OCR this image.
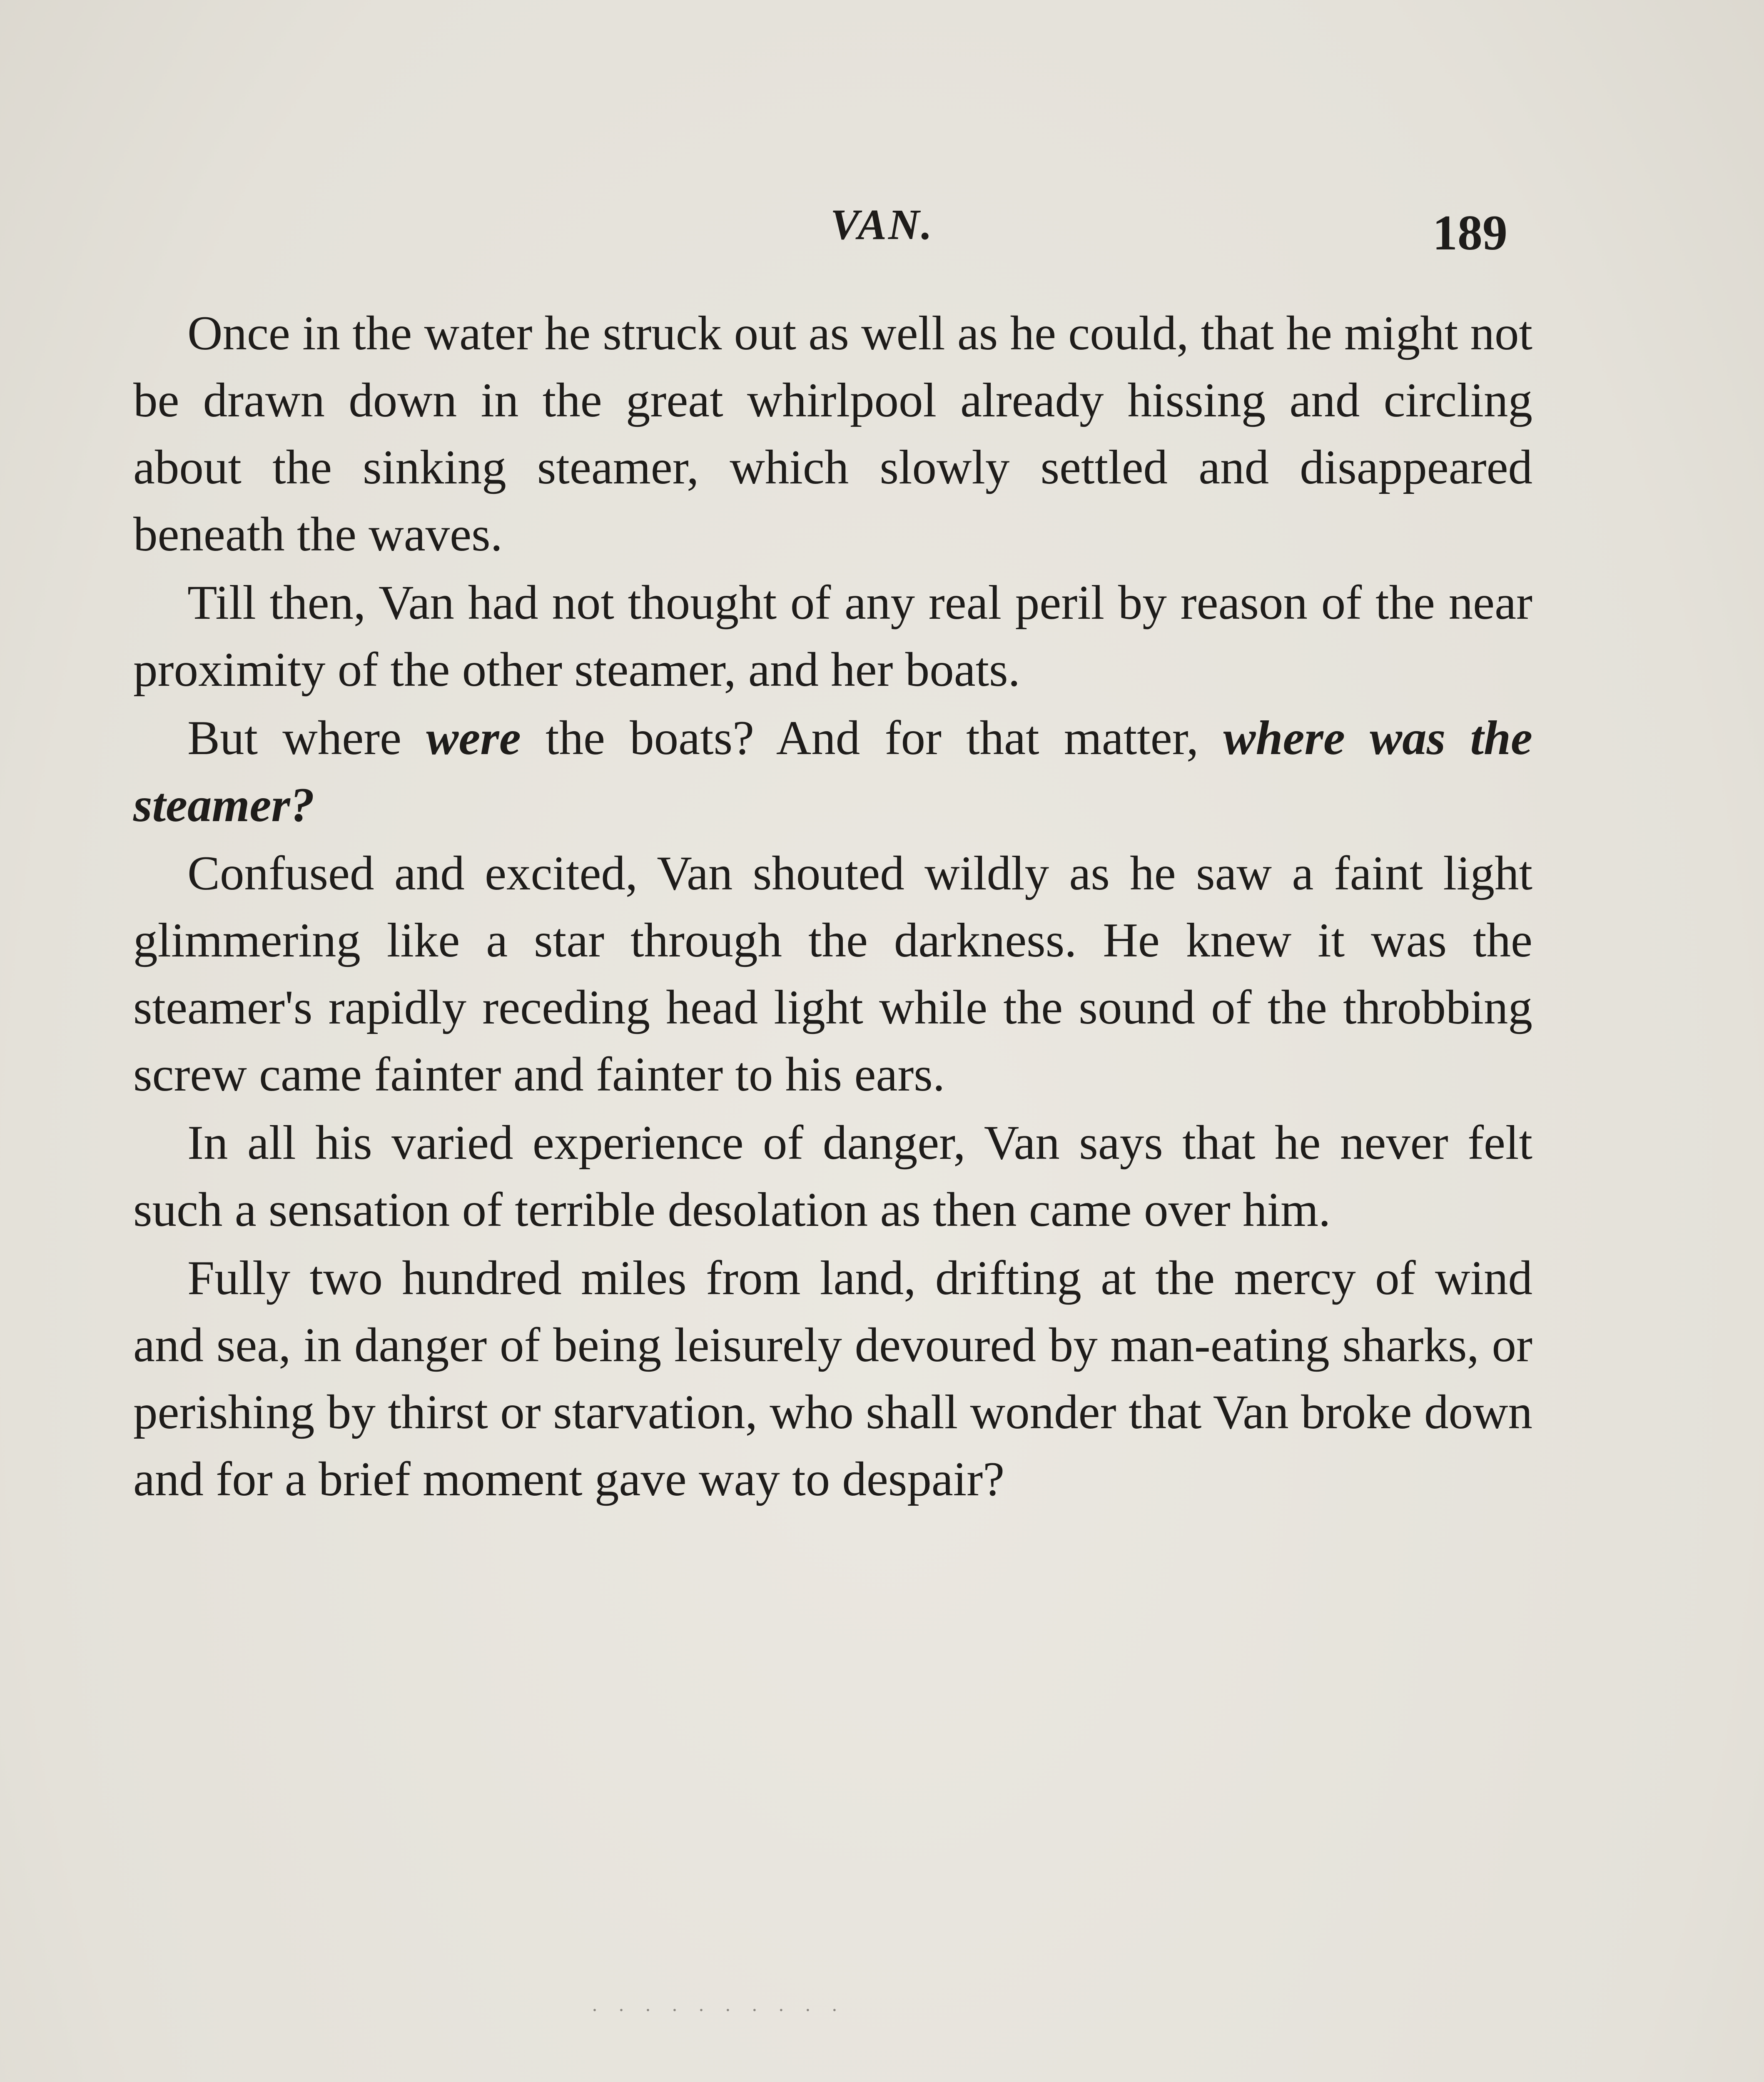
VAN.	189

Once in the water he struck out as well as he could, that he might not be drawn down in the great whirlpool already hissing and circling about the sinking steamer, which slowly settled and disappeared beneath the waves.

Till then, Van had not thought of any real peril by reason of the near proximity of the other steamer, and her boats.

But where were the boats? And for that matter, where was the steamer?

Confused and excited, Van shouted wildly as he saw a faint light glimmering like a star through the darkness. He knew it was the steamer's rapidly receding head light while the sound of the throbbing screw came fainter and fainter to his ears.

In all his varied experience of danger, Van says that he never felt such a sensation of terrible desolation as then came over him.

Fully two hundred miles from land, drifting at the mercy of wind and sea, in danger of being leisurely devoured by man-eating sharks, or perishing by thirst or starvation, who shall wonder that Van broke down and for a brief moment gave way to despair?

· · · · · · · · · ·
